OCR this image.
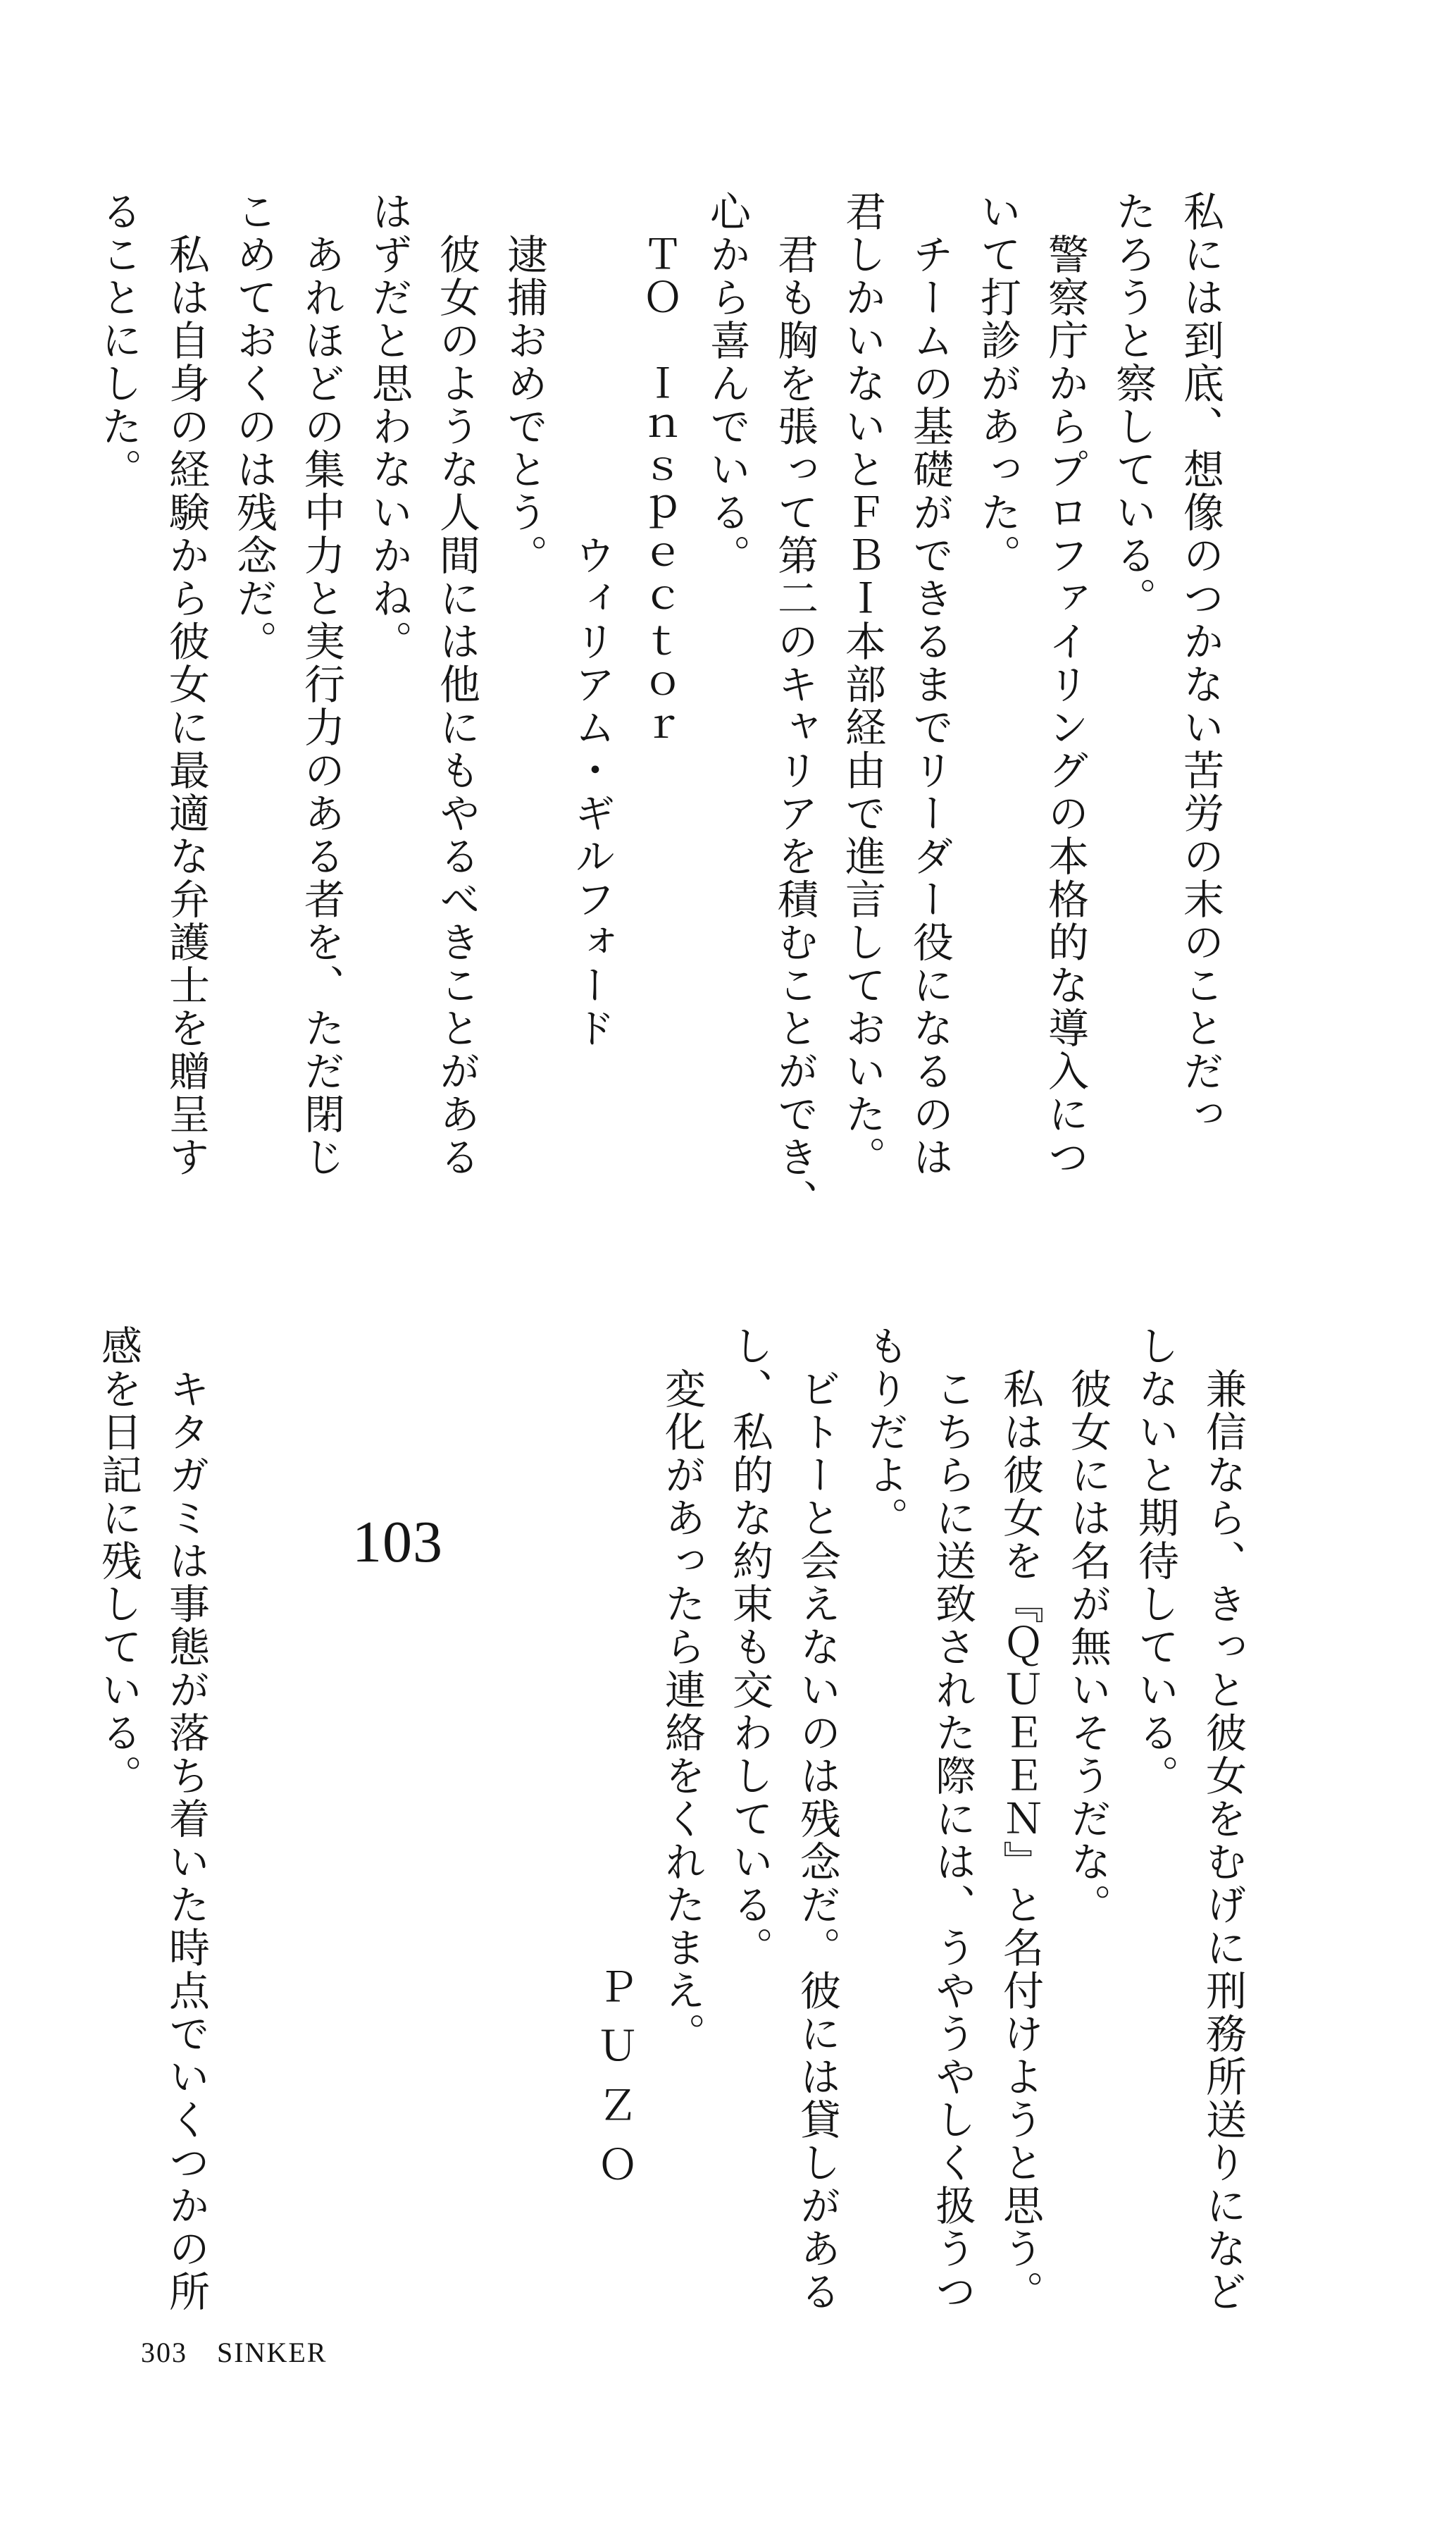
私には到底、想像のつかない苦労の末のことだっ
たろうと察している。
　警察庁からプロファイリングの本格的な導入につ
いて打診があった。
　チームの基礎ができるまでリーダー役になるのは
君しかいないとＦＢＩ本部経由で進言しておいた。
　君も胸を張って第二のキャリアを積むことができ、
心から喜んでいる。
　ＴＯ　Ｉｎｓｐｅｃｔｏｒ
　　　　　　　　ウィリアム・ギルフォード
　逮捕おめでとう。
　彼女のような人間には他にもやるべきことがある
はずだと思わないかね。
　あれほどの集中力と実行力のある者を、ただ閉じ
こめておくのは残念だ。
　私は自身の経験から彼女に最適な弁護士を贈呈す
ることにした。
　兼信なら、きっと彼女をむげに刑務所送りになど
しないと期待している。
　彼女には名が無いそうだな。
　私は彼女を『ＱＵＥＥＮ』と名付けようと思う。
　こちらに送致された際には、うやうやしく扱うつ
もりだよ。
　ビトーと会えないのは残念だ。彼には貸しがある
し、私的な約束も交わしている。
　変化があったら連絡をくれたまえ。
ＰＵＺＯ
103
　キタガミは事態が落ち着いた時点でいくつかの所
感を日記に残している。
303 SINKER
